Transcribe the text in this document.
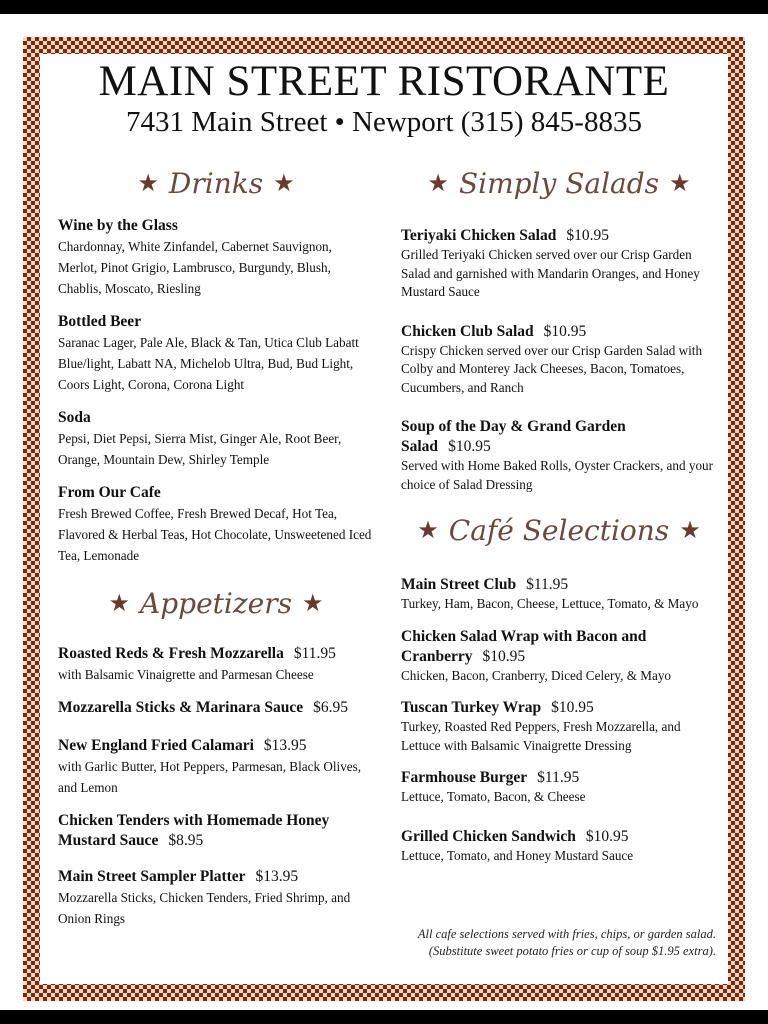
MAIN STREET RISTORANTE
7431 Main Street • Newport (315) 845-8835
★ Drinks ★
Wine by the Glass
Chardonnay, White Zinfandel, Cabernet Sauvignon, Merlot, Pinot Grigio, Lambrusco, Burgundy, Blush, Chablis, Moscato, Riesling
Bottled Beer
Saranac Lager, Pale Ale, Black & Tan, Utica Club Labatt Blue/light, Labatt NA, Michelob Ultra, Bud, Bud Light, Coors Light, Corona, Corona Light
Soda
Pepsi, Diet Pepsi, Sierra Mist, Ginger Ale, Root Beer, Orange, Mountain Dew, Shirley Temple
From Our Cafe
Fresh Brewed Coffee, Fresh Brewed Decaf, Hot Tea, Flavored & Herbal Teas, Hot Chocolate, Unsweetened Iced Tea, Lemonade
★ Appetizers ★
Roasted Reds & Fresh Mozzarella $11.95
with Balsamic Vinaigrette and Parmesan Cheese
Mozzarella Sticks & Marinara Sauce $6.95
New England Fried Calamari $13.95
with Garlic Butter, Hot Peppers, Parmesan, Black Olives, and Lemon
Chicken Tenders with Homemade Honey Mustard Sauce $8.95
Main Street Sampler Platter $13.95
Mozzarella Sticks, Chicken Tenders, Fried Shrimp, and Onion Rings
★ Simply Salads ★
Teriyaki Chicken Salad $10.95
Grilled Teriyaki Chicken served over our Crisp Garden Salad and garnished with Mandarin Oranges, and Honey Mustard Sauce
Chicken Club Salad $10.95
Crispy Chicken served over our Crisp Garden Salad with Colby and Monterey Jack Cheeses, Bacon, Tomatoes, Cucumbers, and Ranch
Soup of the Day & Grand Garden Salad $10.95
Served with Home Baked Rolls, Oyster Crackers, and your choice of Salad Dressing
★ Café Selections ★
Main Street Club $11.95
Turkey, Ham, Bacon, Cheese, Lettuce, Tomato, & Mayo
Chicken Salad Wrap with Bacon and Cranberry $10.95
Chicken, Bacon, Cranberry, Diced Celery, & Mayo
Tuscan Turkey Wrap $10.95
Turkey, Roasted Red Peppers, Fresh Mozzarella, and Lettuce with Balsamic Vinaigrette Dressing
Farmhouse Burger $11.95
Lettuce, Tomato, Bacon, & Cheese
Grilled Chicken Sandwich $10.95
Lettuce, Tomato, and Honey Mustard Sauce
All cafe selections served with fries, chips, or garden salad.
(Substitute sweet potato fries or cup of soup $1.95 extra).
